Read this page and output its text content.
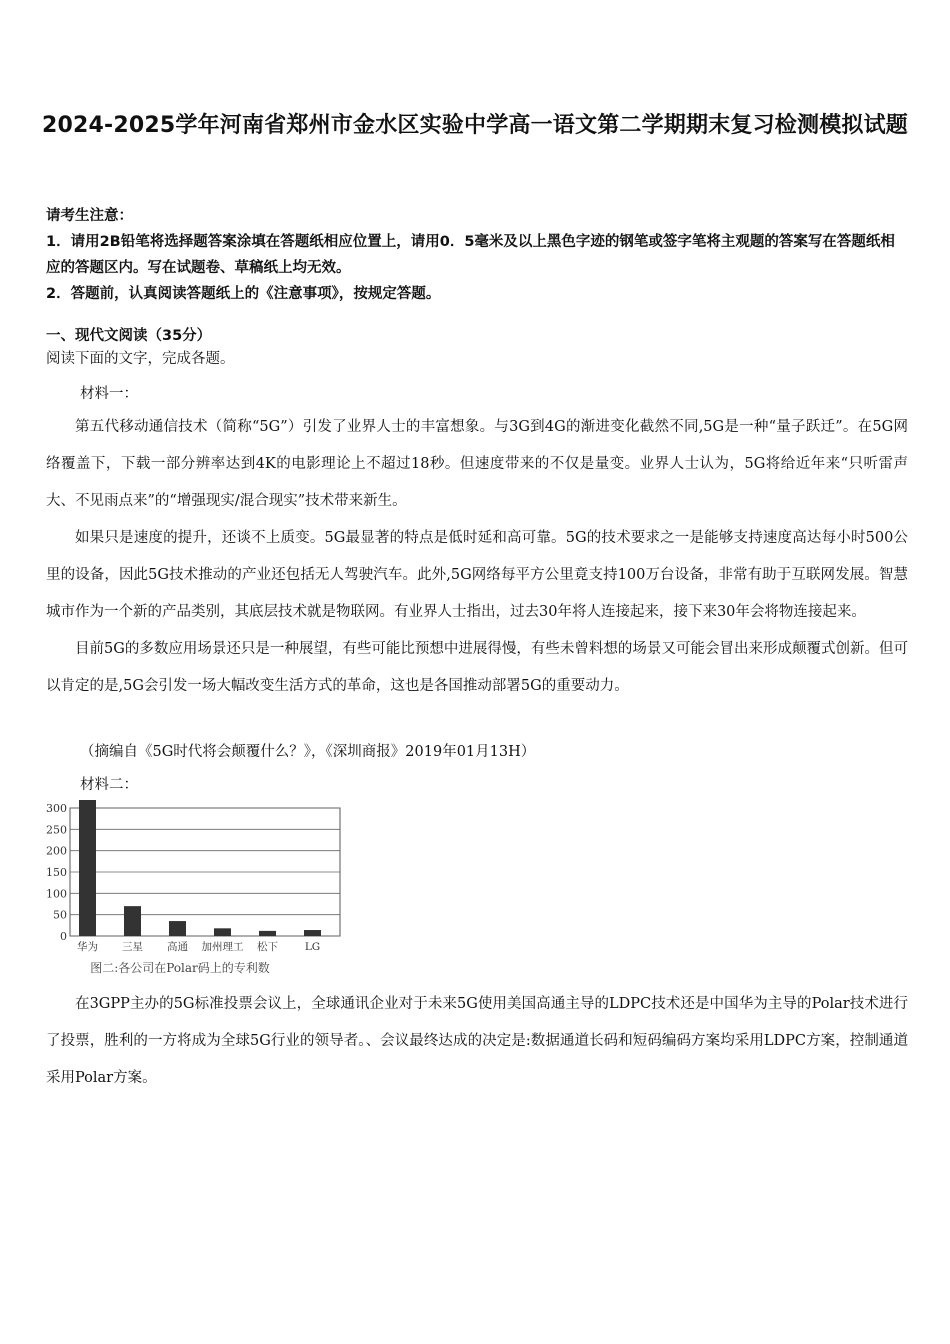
2024-2025学年河南省郑州市金水区实验中学高一语文第二学期期末复习检测模拟试题

请考生注意：

1．请用2B铅笔将选择题答案涂填在答题纸相应位置上，请用0．5毫米及以上黑色字迹的钢笔或签字笔将主观题的答案写在答题纸相应的答题区内。写在试题卷、草稿纸上均无效。

2．答题前，认真阅读答题纸上的《注意事项》，按规定答题。

一、现代文阅读（35分）
阅读下面的文字，完成各题。
材料一：

第五代移动通信技术（简称“5G”）引发了业界人士的丰富想象。与3G到4G的渐进变化截然不同,5G是一种“量子跃迁”。在5G网络覆盖下，下载一部分辨率达到4K的电影理论上不超过18秒。但速度带来的不仅是量变。业界人士认为，5G将给近年来“只听雷声大、不见雨点来”的“增强现实/混合现实”技术带来新生。

如果只是速度的提升，还谈不上质变。5G最显著的特点是低时延和高可靠。5G的技术要求之一是能够支持速度高达每小时500公里的设备，因此5G技术推动的产业还包括无人驾驶汽车。此外,5G网络每平方公里竟支持100万台设备，非常有助于互联网发展。智慧城市作为一个新的产品类别，其底层技术就是物联网。有业界人士指出，过去30年将人连接起来，接下来30年会将物连接起来。

目前5G的多数应用场景还只是一种展望，有些可能比预想中进展得慢，有些未曾料想的场景又可能会冒出来形成颠覆式创新。但可以肯定的是,5G会引发一场大幅改变生活方式的革命，这也是各国推动部署5G的重要动力。

（摘编自《5G时代将会颠覆什么？》，《深圳商报》2019年01月13H）
材料二：
0
50
100
150
200
250
300
华为 三星 高通 加州理工 松下	LG
图二:各公司在Polar码上的专利数

在3GPP主办的5G标准投票会议上，全球通讯企业对于未来5G使用美国高通主导的LDPC技术还是中国华为主导的Polar技术进行了投票，胜利的一方将成为全球5G行业的领导者。、会议最终达成的决定是:数据通道长码和短码编码方案均采用LDPC方案，控制通道采用Polar方案。
